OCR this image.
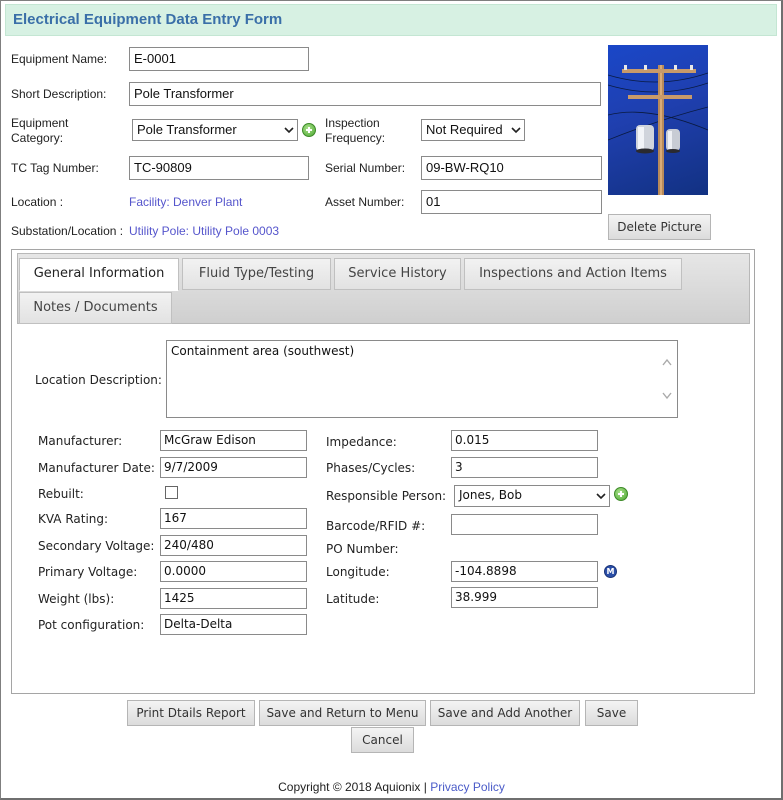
Electrical Equipment Data Entry Form
Equipment Name:	E-0001
Short Description:	Pole Transformer
Equipment Category:
Pole Transformer	Inspection Frequency:
Not Required
TC Tag Number:	TC-90809	Serial Number:	09-BW-RQ10
Location :	Facility: Denver Plant	Asset Number:	01
Substation/Location : Utility Pole: Utility Pole 0003	Delete Picture
General Information	Fluid Type/Testing	Service History	Inspections and Action Items
Notes / Documents
Location Description:
Containment area (southwest)
Manufacturer:	McGraw Edison
Manufacturer Date: 9/7/2009
Rebuilt:
KVA Rating:	167
Secondary Voltage: 240/480
Primary Voltage:	0.0000
Weight (lbs):	1425
Pot configuration:	Delta-Delta
Impedance:	0.015
Phases/Cycles:	3
Responsible Person:	Jones, Bob
Barcode/RFID #:
PO Number:
Longitude:	-104.8898	M
Latitude:	38.999
Print Dtails Report	Save and Return to Menu	Save and Add Another	Save
Cancel
Copyright © 2018 Aquionix | Privacy Policy
